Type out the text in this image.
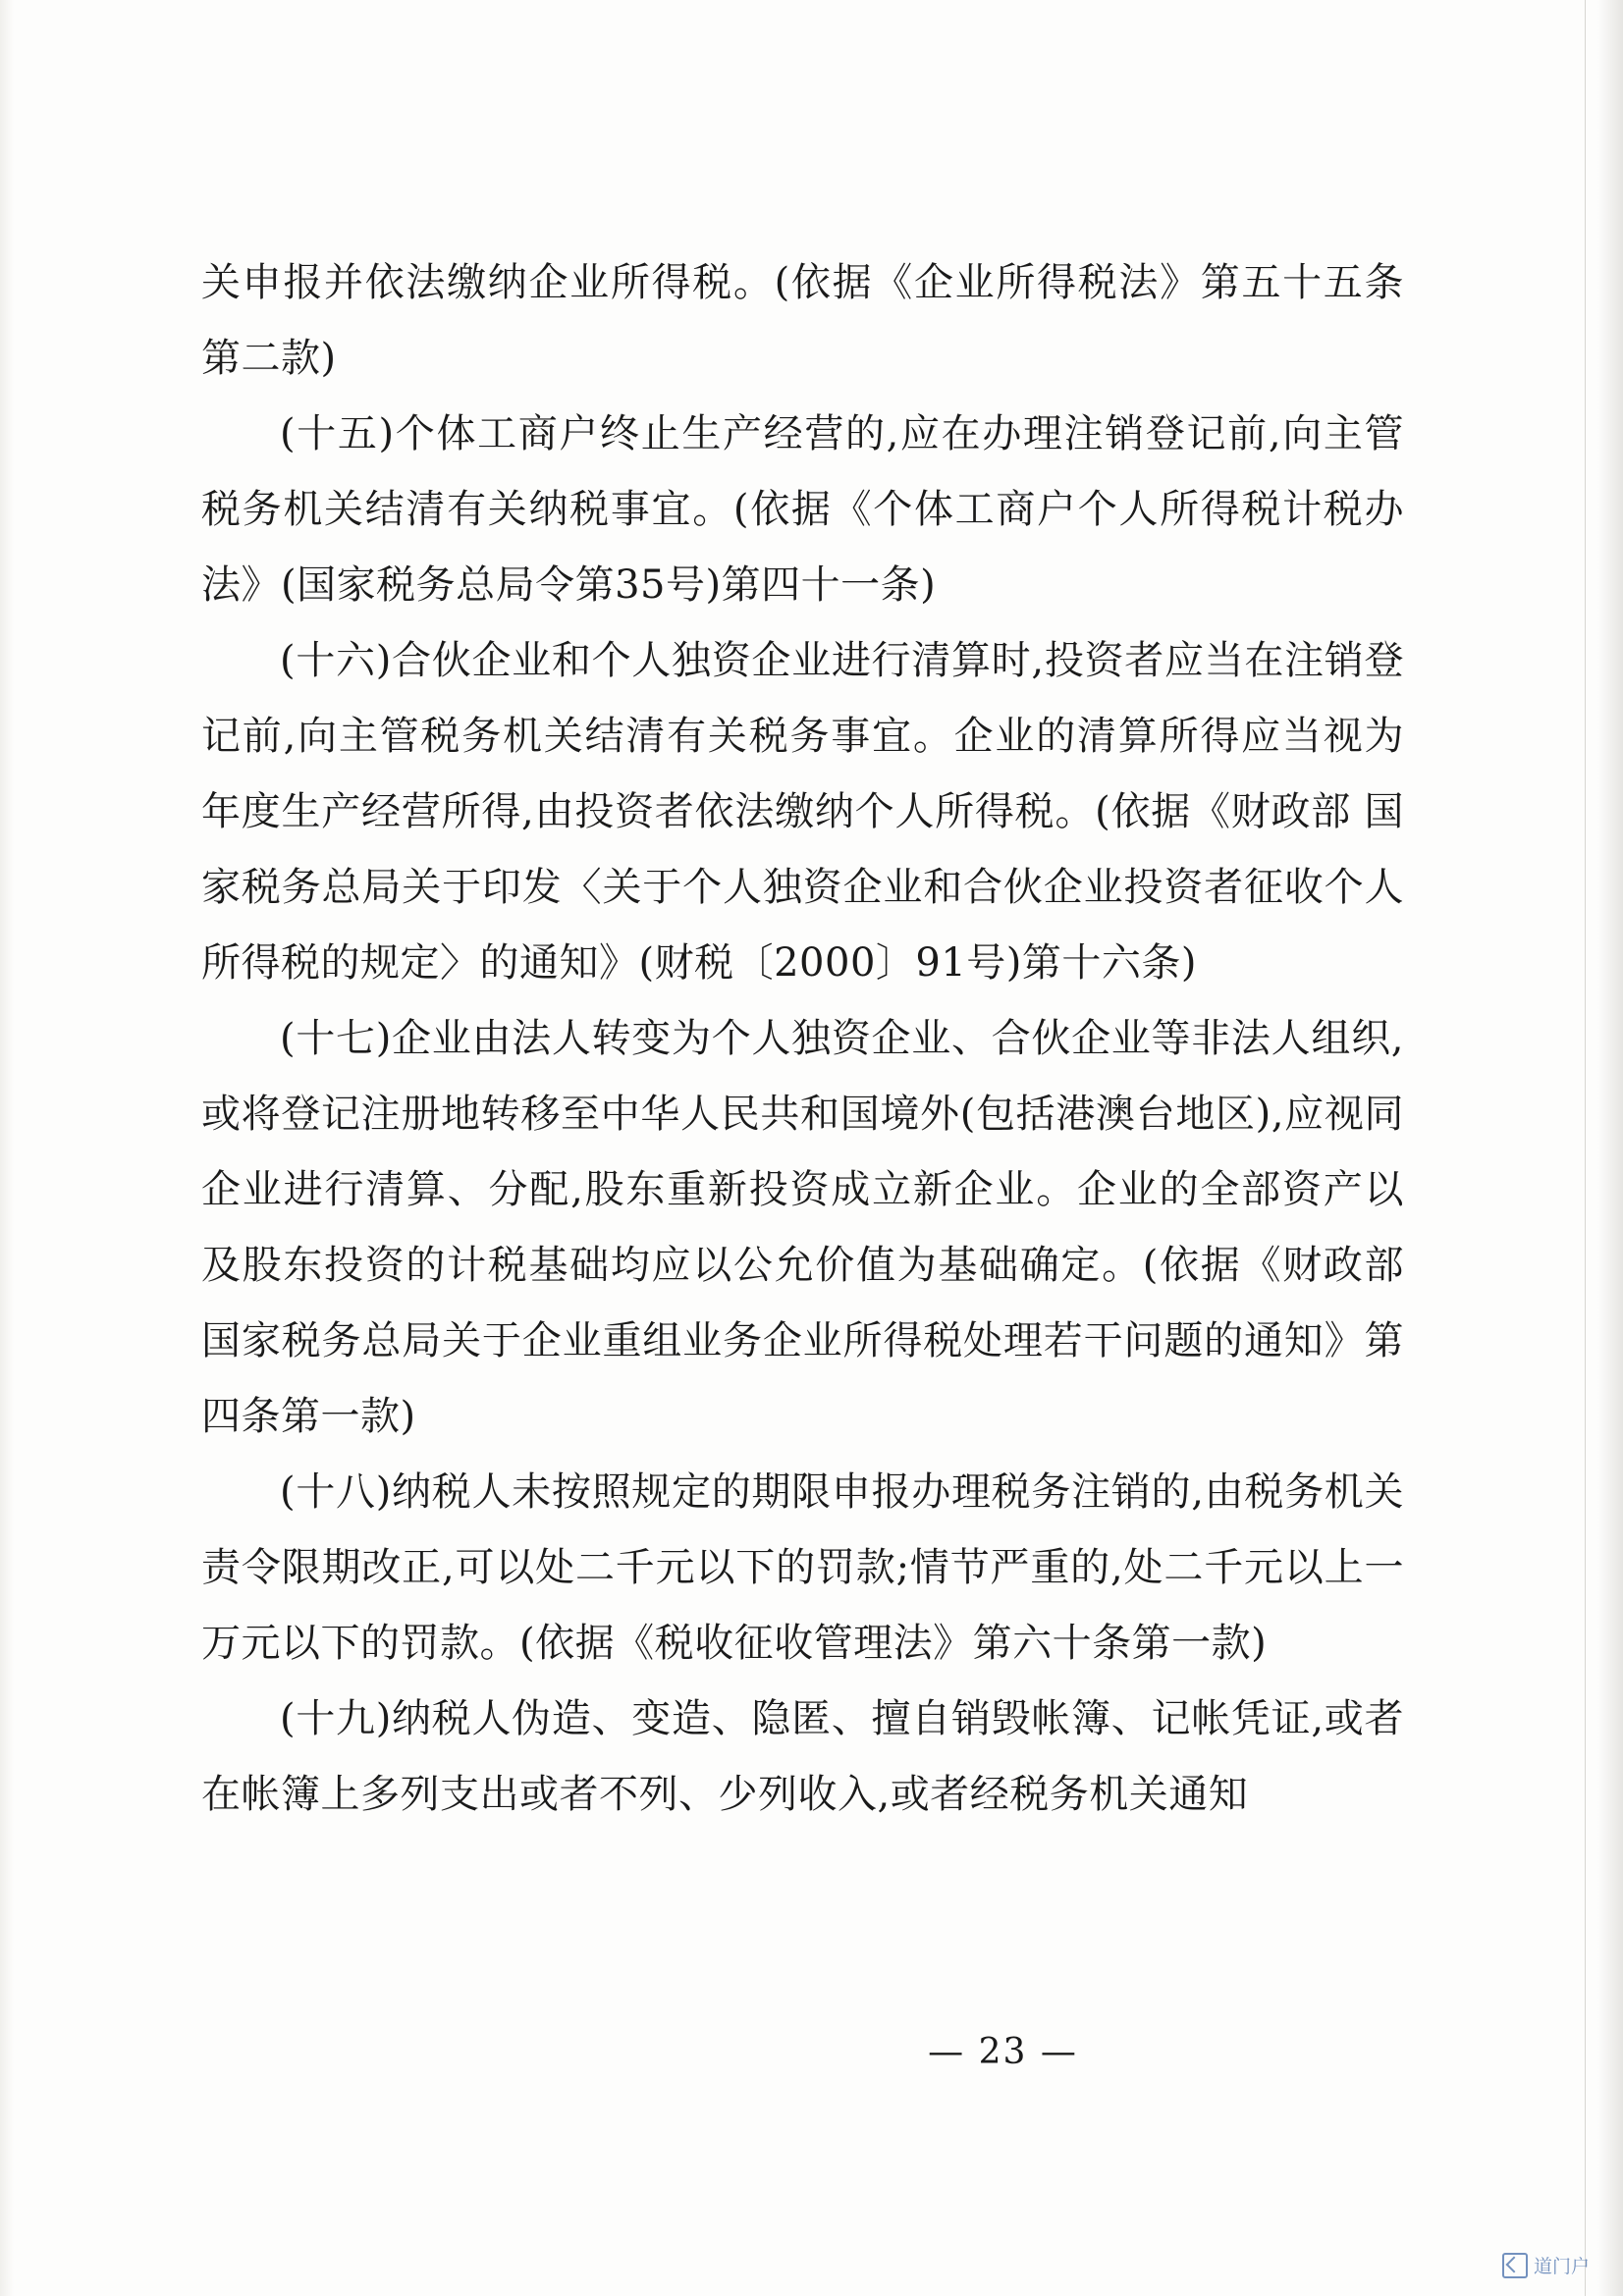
关申报并依法缴纳企业所得税。(依据《企业所得税法》第五十五条第二款)

(十五)个体工商户终止生产经营的,应在办理注销登记前,向主管税务机关结清有关纳税事宜。(依据《个体工商户个人所得税计税办法》(国家税务总局令第35号)第四十一条)

(十六)合伙企业和个人独资企业进行清算时,投资者应当在注销登记前,向主管税务机关结清有关税务事宜。企业的清算所得应当视为年度生产经营所得,由投资者依法缴纳个人所得税。(依据《财政部 国家税务总局关于印发〈关于个人独资企业和合伙企业投资者征收个人所得税的规定〉的通知》(财税〔2000〕91号)第十六条)

(十七)企业由法人转变为个人独资企业、合伙企业等非法人组织,或将登记注册地转移至中华人民共和国境外(包括港澳台地区),应视同企业进行清算、分配,股东重新投资成立新企业。企业的全部资产以及股东投资的计税基础均应以公允价值为基础确定。(依据《财政部 国家税务总局关于企业重组业务企业所得税处理若干问题的通知》第四条第一款)

(十八)纳税人未按照规定的期限申报办理税务注销的,由税务机关责令限期改正,可以处二千元以下的罚款;情节严重的,处二千元以上一万元以下的罚款。(依据《税收征收管理法》第六十条第一款)

(十九)纳税人伪造、变造、隐匿、擅自销毁帐簿、记帐凭证,或者在帐簿上多列支出或者不列、少列收入,或者经税务机关通知

— 23 —
道门户
